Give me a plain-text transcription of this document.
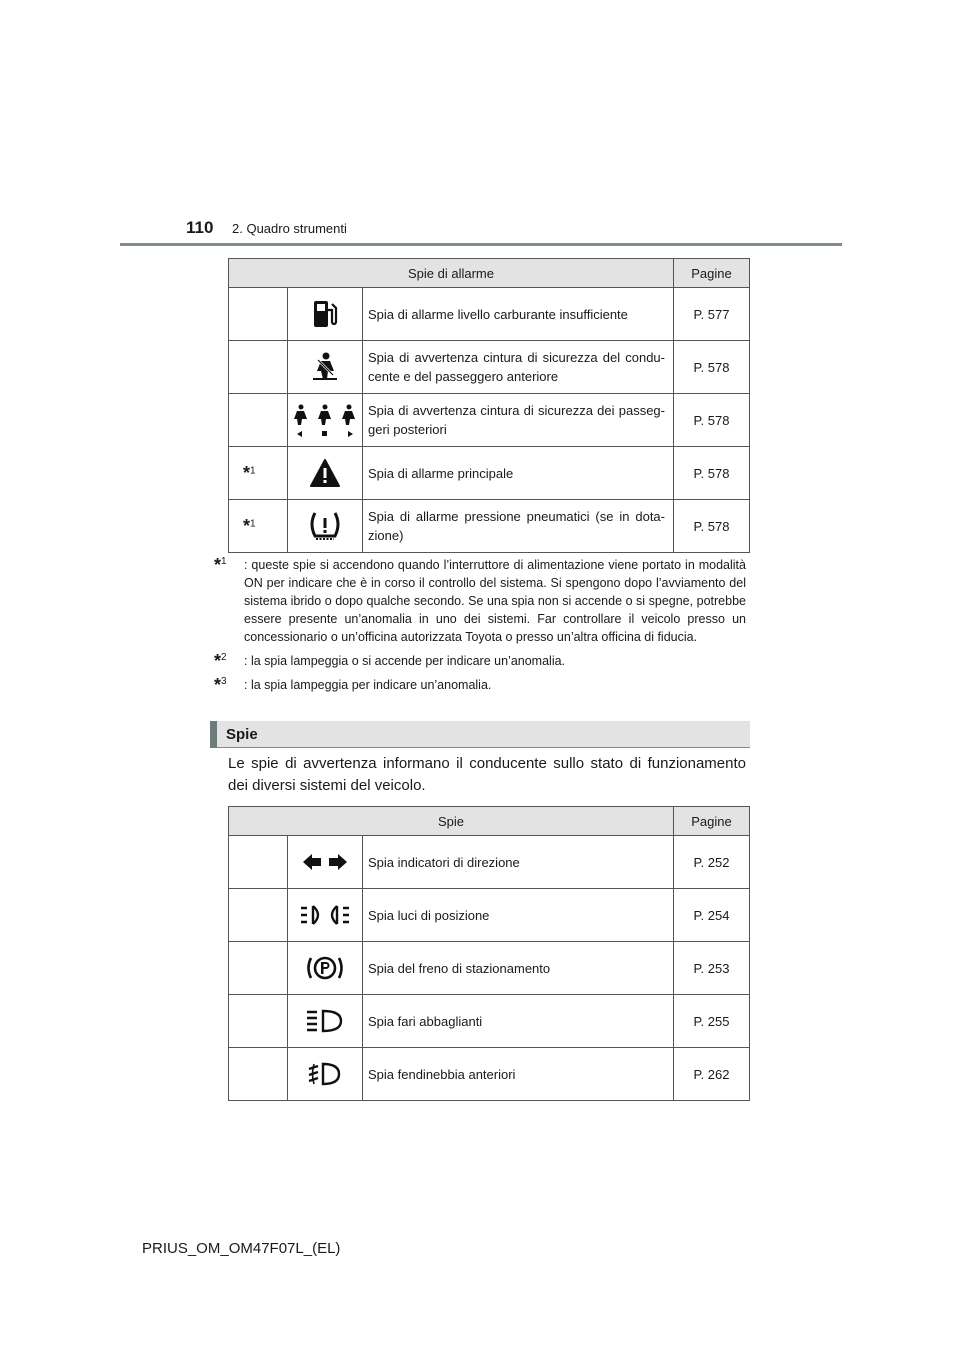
110 2. Quadro strumenti
Spie di allarme			Pagine

	Spia di allarme livello carburante insufficiente	P. 577

	Spia di avvertenza cintura di sicurezza del condu-cente e del passeggero anteriore	P. 578

	Spia di avvertenza cintura di sicurezza dei passeg-geri posteriori	P. 578
*$^1$		Spia di allarme principale	P. 578
*$^1$		Spia di allarme pressione pneumatici (se in dota-zione)	P. 578
*$^1$ : queste spie si accendono quando l’interruttore di alimentazione viene portato in modalità ON per indicare che è in corso il controllo del sistema. Si spengono dopo l’avviamento del sistema ibrido o dopo qualche secondo. Se una spia non si accende o si spegne, potrebbe essere presente un’anomalia in uno dei sistemi. Far controllare il veicolo presso un concessionario o un’officina autorizzata Toyota o presso un’altra officina di fiducia.
*$^2$ : la spia lampeggia o si accende per indicare un’anomalia.
*$^3$ : la spia lampeggia per indicare un’anomalia.
Spie
Le spie di avvertenza informano il conducente sullo stato di funzionamento dei diversi sistemi del veicolo.
Spie			Pagine

	Spia indicatori di direzione	P. 252

	Spia luci di posizione	P. 254

	Spia del freno di stazionamento	P. 253

	Spia fari abbaglianti	P. 255

	Spia fendinebbia anteriori	P. 262
PRIUS_OM_OM47F07L_(EL)
